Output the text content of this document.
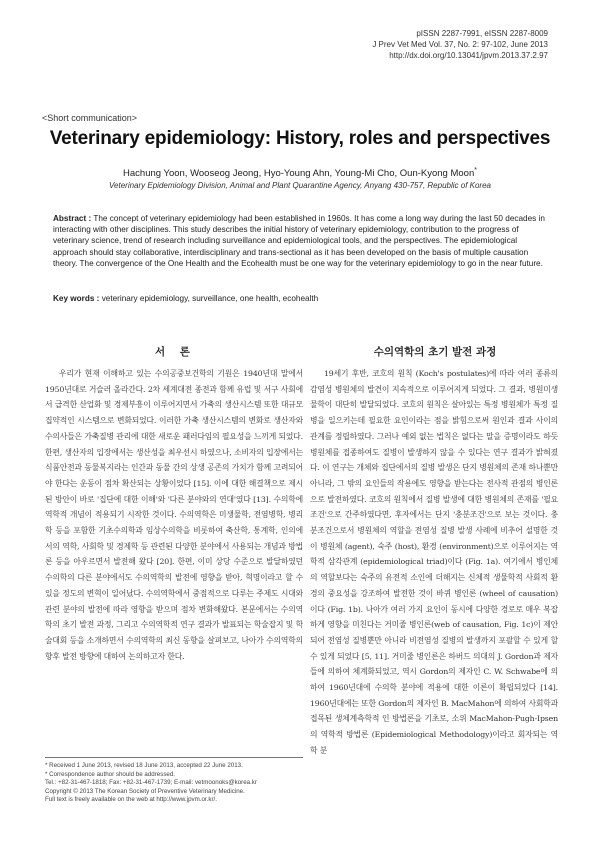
pISSN 2287-7991, eISSN 2287-8009
J Prev Vet Med Vol. 37, No. 2: 97-102, June 2013
http://dx.doi.org/10.13041/jpvm.2013.37.2.97
<Short communication>
Veterinary epidemiology: History, roles and perspectives
Hachung Yoon, Wooseog Jeong, Hyo-Young Ahn, Young-Mi Cho, Oun-Kyong Moon*
Veterinary Epidemiology Division, Animal and Plant Quarantine Agency, Anyang 430-757, Republic of Korea
Abstract : The concept of veterinary epidemiology had been established in 1960s. It has come a long way during the last 50 decades in interacting with other disciplines. This study describes the initial history of veterinary epidemiology, contribution to the progress of veterinary science, trend of research including surveillance and epidemiological tools, and the perspectives. The epidemiological approach should stay collaborative, interdisciplinary and trans-sectional as it has been developed on the basis of multiple causation theory. The convergence of the One Health and the Ecohealth must be one way for the veterinary epidemiology to go in the near future.
Key words : veterinary epidemiology, surveillance, one health, ecohealth
서    론
우리가 현재 이해하고 있는 수의공중보건학의 기원은 1940년대 말에서 1950년대로 거슬러 올라간다. 2차 세계대전 종전과 함께 유럽 및 서구 사회에서 급격한 산업화 및 경제부흥이 이루어지면서 가축의 생산시스템 또한 대규모 집약적인 시스템으로 변화되었다. 이러한 가축 생산시스템의 변화로 생산자와 수의사들은 가축질병 관리에 대한 새로운 패러다임의 필요성을 느끼게 되었다. 한편, 생산자의 입장에서는 생산성을 최우선시 하였으나, 소비자의 입장에서는 식품안전과 동물복지라는 인간과 동물 간의 상생 공존의 가치가 함께 고려되어야 한다는 운동이 점차 확산되는 상황이었다 [15]. 이에 대한 해결책으로 제시된 방안이 바로 '집단에 대한 이해'와 '다른 분야와의 연대'였다 [13]. 수의학에 역학적 개념이 적용되기 시작한 것이다. 수의역학은 미생물학, 전염병학, 병리학 등을 포함한 기초수의학과 임상수의학을 비롯하여 축산학, 통계학, 인의에서의 역학, 사회학 및 경제학 등 관련된 다양한 분야에서 사용되는 개념과 방법론 등을 아우르면서 발전해 왔다 [20]. 한편, 이미 상당 수준으로 발달하였던 수의학의 다른 분야에서도 수의역학의 발전에 영향을 받아, 혁명이라고 할 수 있을 정도의 변혁이 일어났다. 수의역학에서 중점적으로 다루는 주제도 시대와 관련 분야의 발전에 따라 영향을 받으며 점차 변화해왔다. 본문에서는 수의역학의 초기 발전 과정, 그리고 수의역학적 연구 결과가 발표되는 학술잡지 및 학술대회 등을 소개하면서 수의역학의 최신 동향을 살펴보고, 나아가 수의역학의 향후 발전 방향에 대하여 논의하고자 한다.
* Received 1 June 2013, revised 18 June 2013, accepted 22 June 2013.
* Correspondence author should be addressed.
Tel.: +82-31-467-1818; Fax: +82-31-467-1739; E-mail: vetmoonoks@korea.kr
Copyright © 2013 The Korean Society of Preventive Veterinary Medicine.
Full text is freely available on the web at http://www.jpvm.or.kr/.
수의역학의 초기 발전 과정
19세기 후반, 코흐의 원칙 (Koch's postulates)에 따라 여러 종류의 감염성 병원체의 발견이 지속적으로 이루어지게 되었다. 그 결과, 병원미생물학이 대단히 발달되었다. 코흐의 원칙은 살아있는 특정 병원체가 특정 질병을 일으키는데 필요한 요인이라는 점을 밝힘으로써 원인과 결과 사이의 관계를 정립하였다. 그러나 예외 없는 법칙은 없다는 말을 증명이라도 하듯 병원체를 접종하여도 질병이 발생하지 않을 수 있다는 연구 결과가 밝혀졌다. 이 연구는 개체와 집단에서의 질병 발생은 단지 병원체의 존재 하나뿐만 아니라, 그 밖의 요인들의 작용에도 영향을 받는다는 전사적 관점의 병인론으로 발전하였다. 코흐의 원칙에서 질병 발생에 대한 병원체의 존재를 '필요조건'으로 간주하였다면, 후자에서는 단지 '충분조건'으로 보는 것이다. 충분조건으로서 병원체의 역할을 전염성 질병 발생 사례에 비추어 설명한 것이 병원체 (agent), 숙주 (host), 환경 (environment)으로 이루어지는 역학적 삼각관계 (epidemiological triad)이다 (Fig. 1a). 여기에서 병인체의 역할보다는 숙주의 유전적 소인에 더해지는 신체적 생물학적 사회적 환경의 중요성을 강조하여 발전한 것이 바퀴 병인론 (wheel of causation)이다 (Fig. 1b). 나아가 여러 가지 요인이 동시에 다양한 경로로 매우 복잡하게 영향을 미친다는 거미줄 병인론(web of causation, Fig. 1c)이 제안되어 전염성 질병뿐만 아니라 비전염성 질병의 발생까지 포괄할 수 있게 할 수 있게 되었다 [5, 11]. 거미줄 병인론은 하버드 의대의 J. Gordon과 제자들에 의하여 체계화되었고, 역시 Gordon의 제자인 C. W. Schwabe에 의하여 1960년대에 수의학 분야에 적용에 대한 이론이 확립되었다 [14]. 1960년대에는 또한 Gordon의 제자인 B. MacMahon에 의하여 사회학과 접목된 생체계측학적 인 방법론을 기초로, 소위 MacMahon-Pugh-Ipsen의 역학적 방법론 (Epidemiological Methodology)이라고 회자되는 역학 분
